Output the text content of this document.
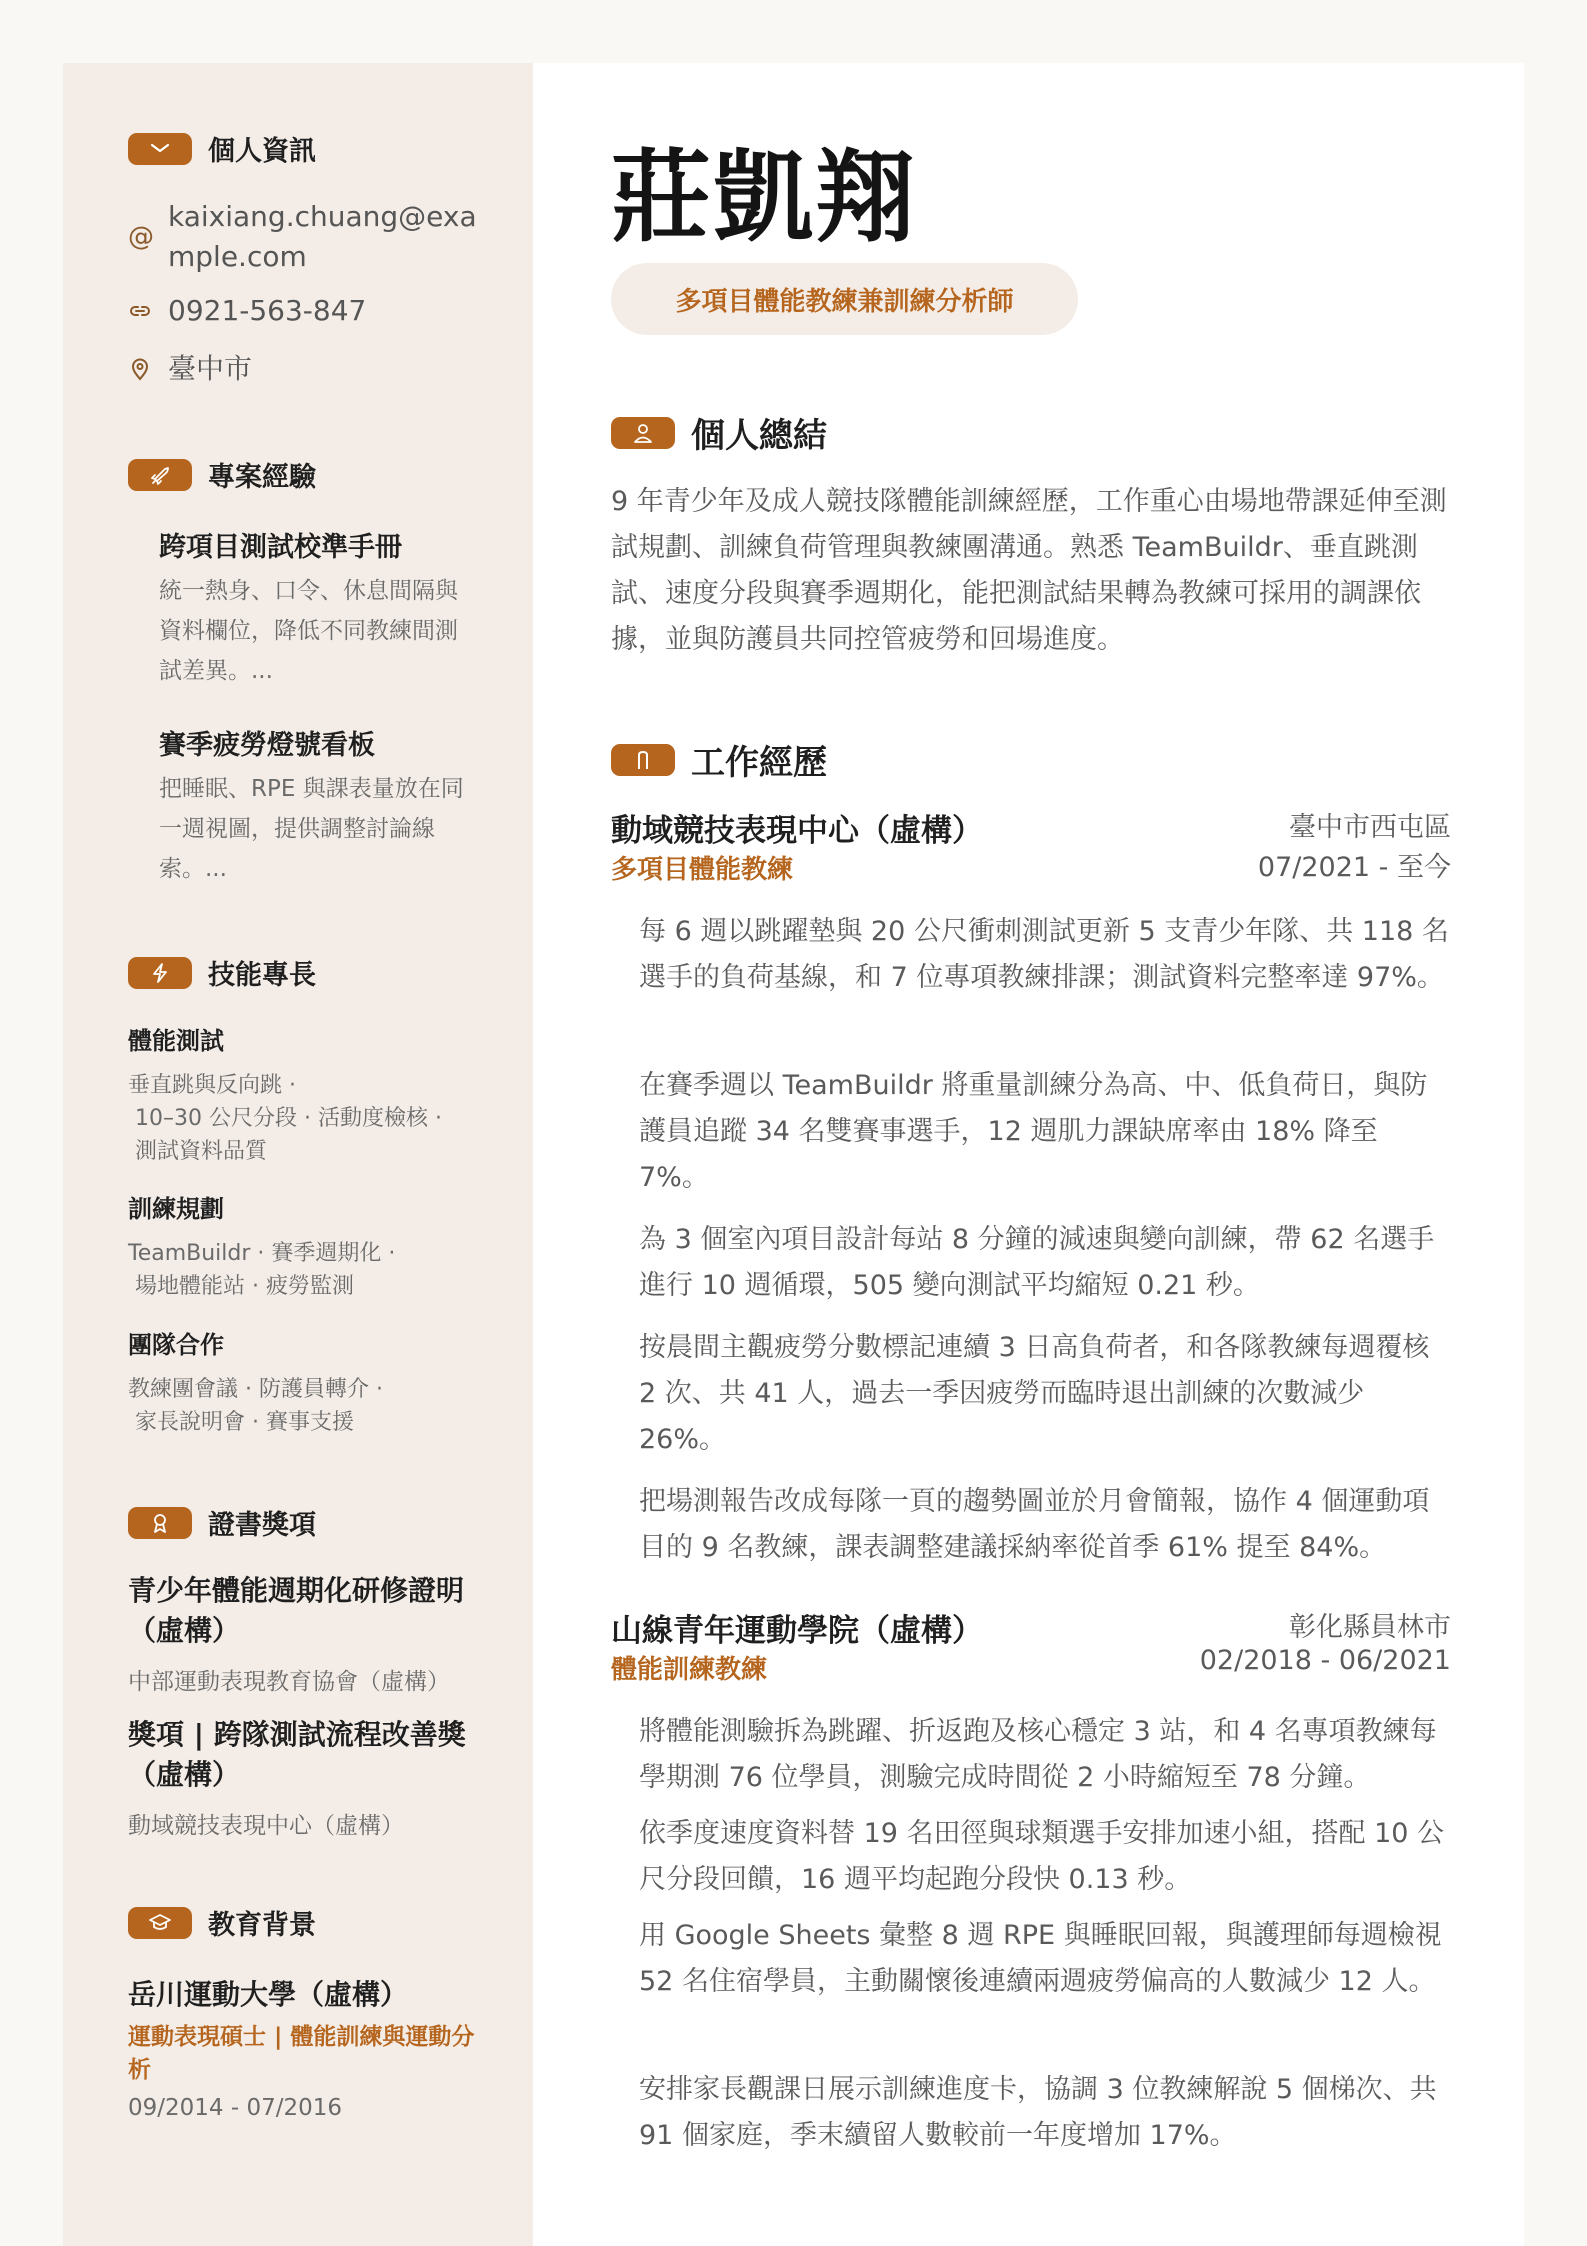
個人資訊
@
kaixiang.chuang@exa
mple.com
0921-563-847
臺中市
專案經驗
跨項目測試校準手冊
統一熱身、口令、休息間隔與資料欄位，降低不同教練間測試差異。...
賽季疲勞燈號看板
把睡眠、RPE 與課表量放在同一週視圖，提供調整討論線索。...
技能專長
體能測試
垂直跳與反向跳 ·
10–30 公尺分段 · 活動度檢核 ·
測試資料品質
訓練規劃
TeamBuildr · 賽季週期化 ·
場地體能站 · 疲勞監測
團隊合作
教練團會議 · 防護員轉介 ·
家長說明會 · 賽事支援
證書獎項
青少年體能週期化研修證明（虛構）
中部運動表現教育協會（虛構）
獎項 | 跨隊測試流程改善獎（虛構）
動域競技表現中心（虛構）
教育背景
岳川運動大學（虛構）
運動表現碩士 | 體能訓練與運動分析
09/2014 - 07/2016
莊凱翔
多項目體能教練兼訓練分析師
個人總結
9 年青少年及成人競技隊體能訓練經歷，工作重心由場地帶課延伸至測試規劃、訓練負荷管理與教練團溝通。熟悉 TeamBuildr、垂直跳測試、速度分段與賽季週期化，能把測試結果轉為教練可採用的調課依據，並與防護員共同控管疲勞和回場進度。
工作經歷
動域競技表現中心（虛構）
多項目體能教練
臺中市西屯區
07/2021 - 至今
每 6 週以跳躍墊與 20 公尺衝刺測試更新 5 支青少年隊、共 118 名選手的負荷基線，和 7 位專項教練排課；測試資料完整率達 97%。
在賽季週以 TeamBuildr 將重量訓練分為高、中、低負荷日，與防護員追蹤 34 名雙賽事選手，12 週肌力課缺席率由 18% 降至 7%。
為 3 個室內項目設計每站 8 分鐘的減速與變向訓練，帶 62 名選手進行 10 週循環，505 變向測試平均縮短 0.21 秒。
按晨間主觀疲勞分數標記連續 3 日高負荷者，和各隊教練每週覆核 2 次、共 41 人，過去一季因疲勞而臨時退出訓練的次數減少 26%。
把場測報告改成每隊一頁的趨勢圖並於月會簡報，協作 4 個運動項目的 9 名教練，課表調整建議採納率從首季 61% 提至 84%。
山線青年運動學院（虛構）
體能訓練教練
彰化縣員林市
02/2018 - 06/2021
將體能測驗拆為跳躍、折返跑及核心穩定 3 站，和 4 名專項教練每學期測 76 位學員，測驗完成時間從 2 小時縮短至 78 分鐘。
依季度速度資料替 19 名田徑與球類選手安排加速小組，搭配 10 公尺分段回饋，16 週平均起跑分段快 0.13 秒。
用 Google Sheets 彙整 8 週 RPE 與睡眠回報，與護理師每週檢視 52 名住宿學員，主動關懷後連續兩週疲勞偏高的人數減少 12 人。
安排家長觀課日展示訓練進度卡，協調 3 位教練解說 5 個梯次、共 91 個家庭，季末續留人數較前一年度增加 17%。
